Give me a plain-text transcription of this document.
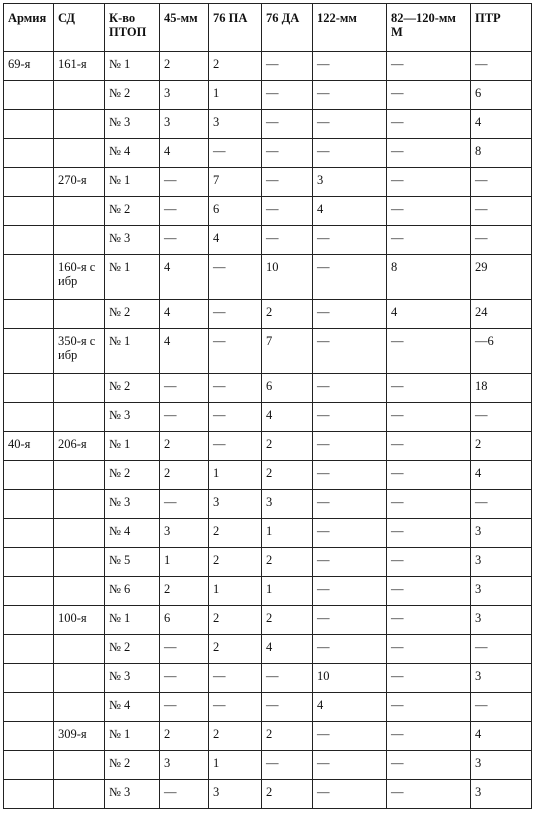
Армия	СД	К-во ПТОП	45-мм	76 ПА	76 ДА	122-мм	82—120-мм М	ПТР
69-я	161-я	№ 1	2	2	—	—	—	—
		№ 2	3	1	—	—	—	6
		№ 3	3	3	—	—	—	4
		№ 4	4	—	—	—	—	8
	270-я	№ 1	—	7	—	3	—	—
		№ 2	—	6	—	4	—	—
		№ 3	—	4	—	—	—	—
	160-я с ибр	№ 1	4	—	10	—	8	29
		№ 2	4	—	2	—	4	24
	350-я с ибр	№ 1	4	—	7	—	—	—6
		№ 2	—	—	6	—	—	18
		№ 3	—	—	4	—	—	—
40-я	206-я	№ 1	2	—	2	—	—	2
		№ 2	2	1	2	—	—	4
		№ 3	—	3	3	—	—	—
		№ 4	3	2	1	—	—	3
		№ 5	1	2	2	—	—	3
		№ 6	2	1	1	—	—	3
	100-я	№ 1	6	2	2	—	—	3
		№ 2	—	2	4	—	—	—
		№ 3	—	—	—	10	—	3
		№ 4	—	—	—	4	—	—
	309-я	№ 1	2	2	2	—	—	4
		№ 2	3	1	—	—	—	3
		№ 3	—	3	2	—	—	3
